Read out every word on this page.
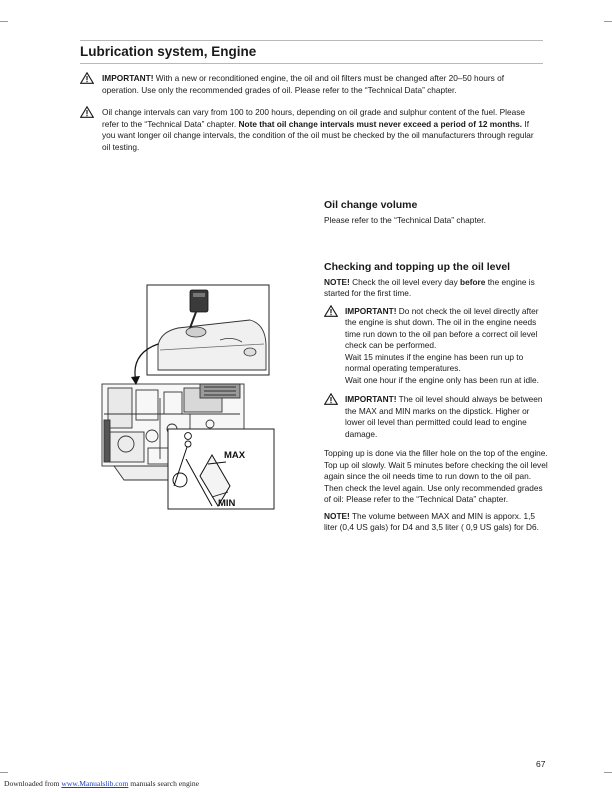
Lubrication system, Engine
IMPORTANT! With a new or reconditioned engine, the oil and oil filters must be changed after 20–50 hours of operation. Use only the recommended grades of oil. Please refer to the “Technical Data” chapter.
Oil change intervals can vary from 100 to 200 hours, depending on oil grade and sulphur content of the fuel. Please refer to the “Technical Data” chapter. Note that oil change intervals must never exceed a period of 12 months. If you want longer oil change intervals, the condition of the oil must be checked by the oil manufacturers through regular oil testing.
MAX
MIN
Oil change volume

Please refer to the “Technical Data” chapter.

Checking and topping up the oil level

NOTE! Check the oil level every day before the engine is started for the first time.

IMPORTANT! Do not check the oil level directly after the engine is shut down. The oil in the engine needs time run down to the oil pan before a correct oil level check can be performed.
Wait 15 minutes if the engine has been run up to normal operating temperatures.
Wait one hour if the engine only has been run at idle.
IMPORTANT! The oil level should always be between the MAX and MIN marks on the dipstick. Higher or lower oil level than permitted could lead to engine damage.

Topping up is done via the filler hole on the top of the engine. Top up oil slowly. Wait 5 minutes before checking the oil level again since the oil needs time to run down to the oil pan. Then check the level again. Use only recommended grades of oil: Please refer to the “Technical Data” chapter.

NOTE! The volume between MAX and MIN is apporx. 1,5 liter (0,4 US gals) for D4 and 3,5 liter ( 0,9 US gals) for D6.

67
Downloaded from www.Manualslib.com manuals search engine
